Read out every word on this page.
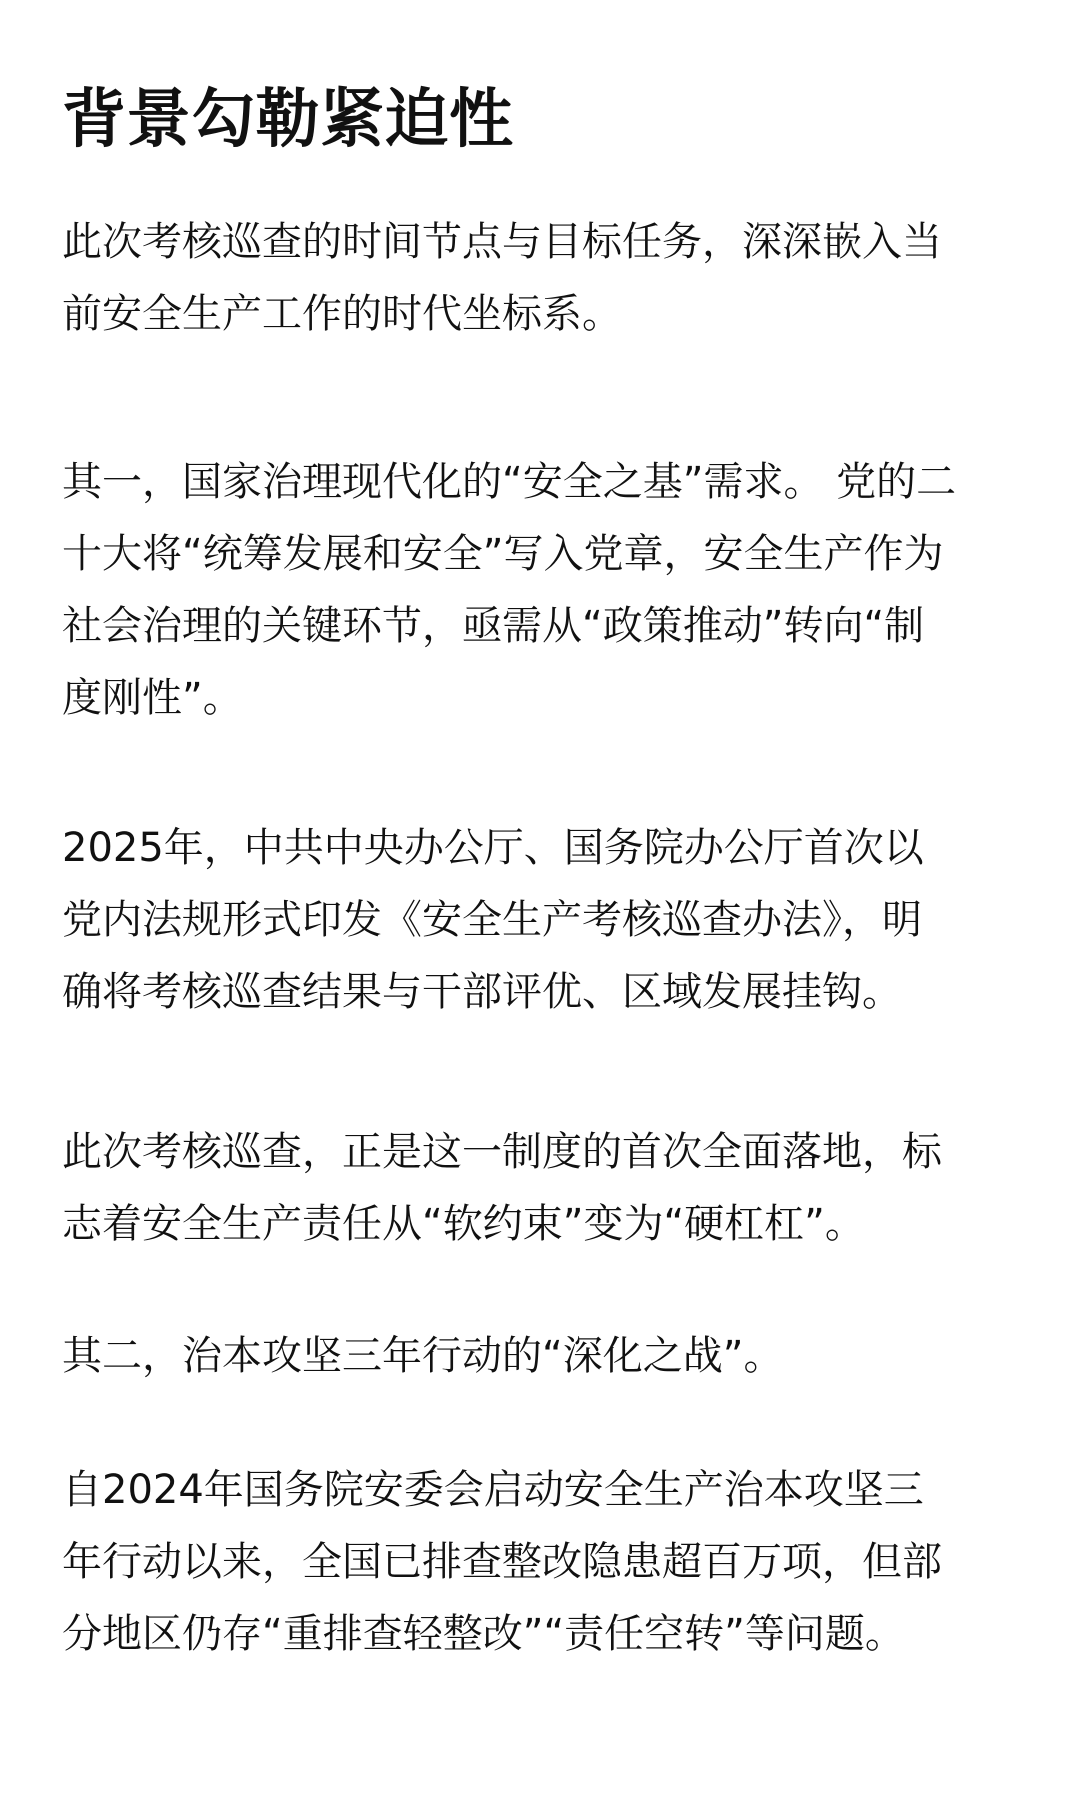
背景勾勒紧迫性

此次考核巡查的时间节点与目标任务，深深嵌入当
前安全生产工作的时代坐标系。

其一，国家治理现代化的“安全之基”需求。 党的二
十大将“统筹发展和安全”写入党章，安全生产作为
社会治理的关键环节，亟需从“政策推动”转向“制
度刚性”。

2025年，中共中央办公厅、国务院办公厅首次以
党内法规形式印发《安全生产考核巡查办法》，明
确将考核巡查结果与干部评优、区域发展挂钩。

此次考核巡查，正是这一制度的首次全面落地，标
志着安全生产责任从“软约束”变为“硬杠杠”。

其二，治本攻坚三年行动的“深化之战”。

自2024年国务院安委会启动安全生产治本攻坚三
年行动以来，全国已排查整改隐患超百万项，但部
分地区仍存“重排查轻整改”“责任空转”等问题。
